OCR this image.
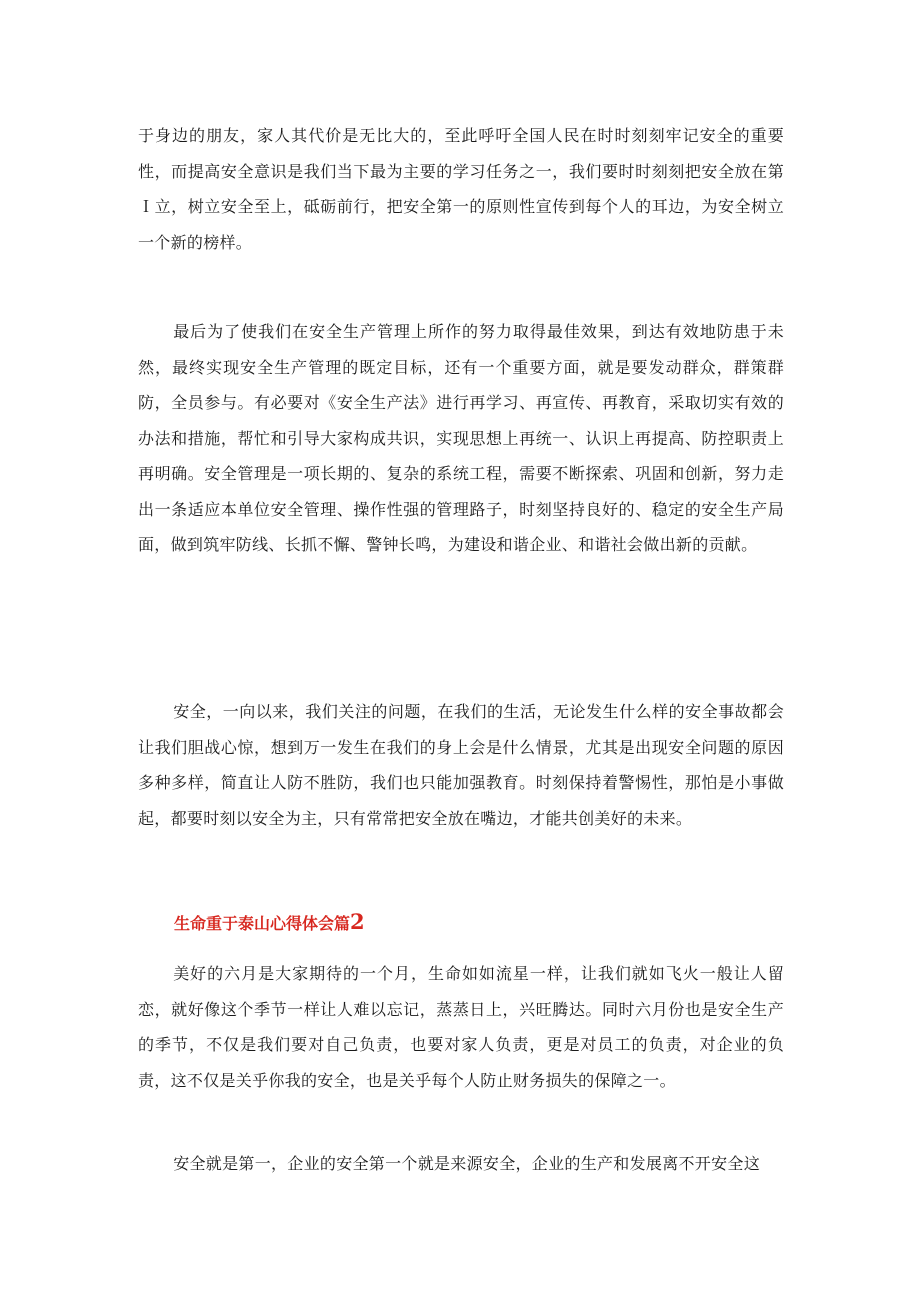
于身边的朋友，家人其代价是无比大的，至此呼吁全国人民在时时刻刻牢记安全的重要性，而提高安全意识是我们当下最为主要的学习任务之一，我们要时时刻刻把安全放在第Ｉ立，树立安全至上，砥砺前行，把安全第一的原则性宣传到每个人的耳边，为安全树立一个新的榜样。

最后为了使我们在安全生产管理上所作的努力取得最佳效果，到达有效地防患于未然，最终实现安全生产管理的既定目标，还有一个重要方面，就是要发动群众，群策群防，全员参与。有必要对《安全生产法》进行再学习、再宣传、再教育，采取切实有效的办法和措施，帮忙和引导大家构成共识，实现思想上再统一、认识上再提高、防控职责上再明确。安全管理是一项长期的、复杂的系统工程，需要不断探索、巩固和创新，努力走出一条适应本单位安全管理、操作性强的管理路子，时刻坚持良好的、稳定的安全生产局面，做到筑牢防线、长抓不懈、警钟长鸣，为建设和谐企业、和谐社会做出新的贡献。

安全，一向以来，我们关注的问题，在我们的生活，无论发生什么样的安全事故都会让我们胆战心惊，想到万一发生在我们的身上会是什么情景，尤其是出现安全问题的原因多种多样，简直让人防不胜防，我们也只能加强教育。时刻保持着警惕性，那怕是小事做起，都要时刻以安全为主，只有常常把安全放在嘴边，才能共创美好的未来。

生命重于泰山心得体会篇2

美好的六月是大家期待的一个月，生命如如流星一样，让我们就如飞火一般让人留恋，就好像这个季节一样让人难以忘记，蒸蒸日上，兴旺腾达。同时六月份也是安全生产的季节，不仅是我们要对自己负责，也要对家人负责，更是对员工的负责，对企业的负责，这不仅是关乎你我的安全，也是关乎每个人防止财务损失的保障之一。

安全就是第一，企业的安全第一个就是来源安全，企业的生产和发展离不开安全这
